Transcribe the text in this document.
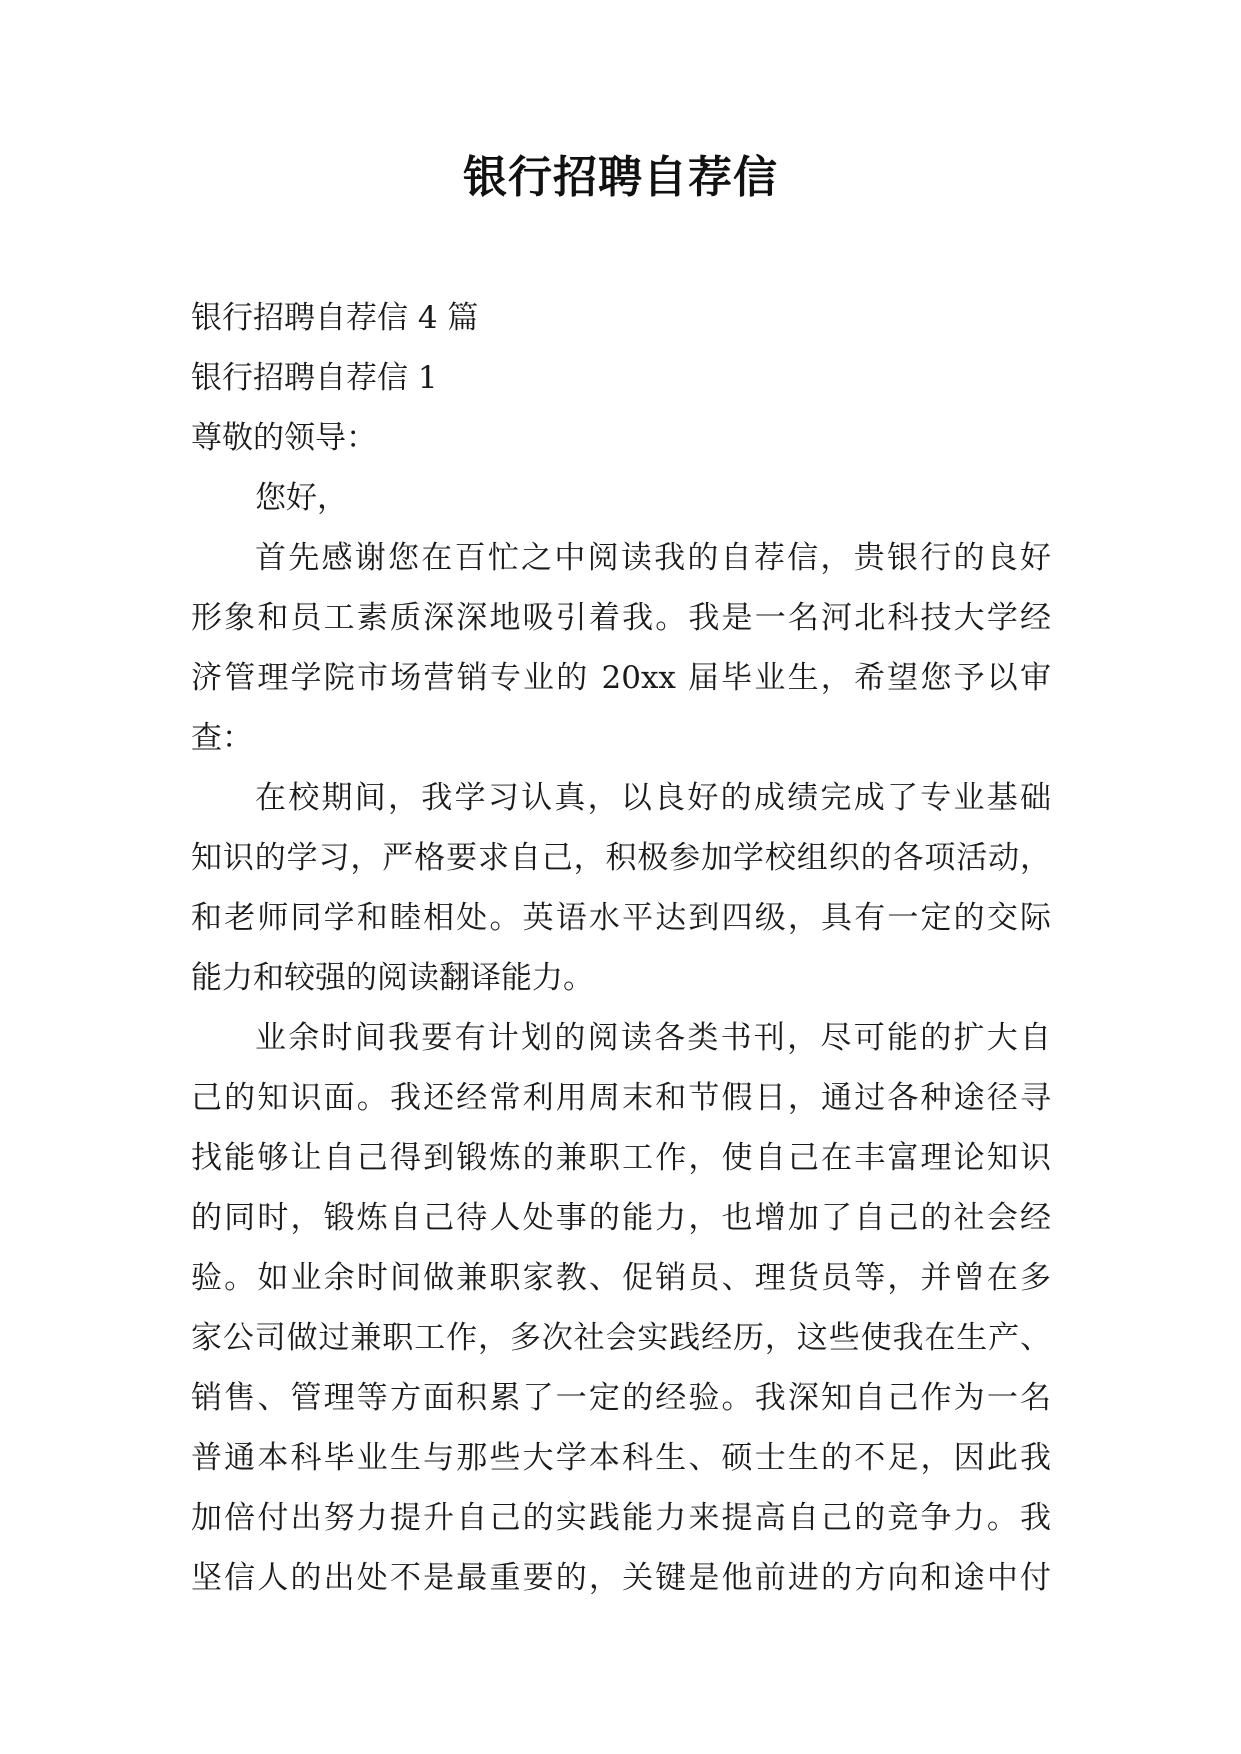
银行招聘自荐信
银行招聘自荐信 4 篇
银行招聘自荐信 1
尊敬的领导：
您好，
首先感谢您在百忙之中阅读我的自荐信，贵银行的良好
形象和员工素质深深地吸引着我。我是一名河北科技大学经
济管理学院市场营销专业的 20xx 届毕业生，希望您予以审
查：
在校期间，我学习认真，以良好的成绩完成了专业基础
知识的学习，严格要求自己，积极参加学校组织的各项活动，
和老师同学和睦相处。英语水平达到四级，具有一定的交际
能力和较强的阅读翻译能力。
业余时间我要有计划的阅读各类书刊，尽可能的扩大自
己的知识面。我还经常利用周末和节假日，通过各种途径寻
找能够让自己得到锻炼的兼职工作，使自己在丰富理论知识
的同时，锻炼自己待人处事的能力，也增加了自己的社会经
验。如业余时间做兼职家教、促销员、理货员等，并曾在多
家公司做过兼职工作，多次社会实践经历，这些使我在生产、
销售、管理等方面积累了一定的经验。我深知自己作为一名
普通本科毕业生与那些大学本科生、硕士生的不足，因此我
加倍付出努力提升自己的实践能力来提高自己的竞争力。我
坚信人的出处不是最重要的，关键是他前进的方向和途中付
